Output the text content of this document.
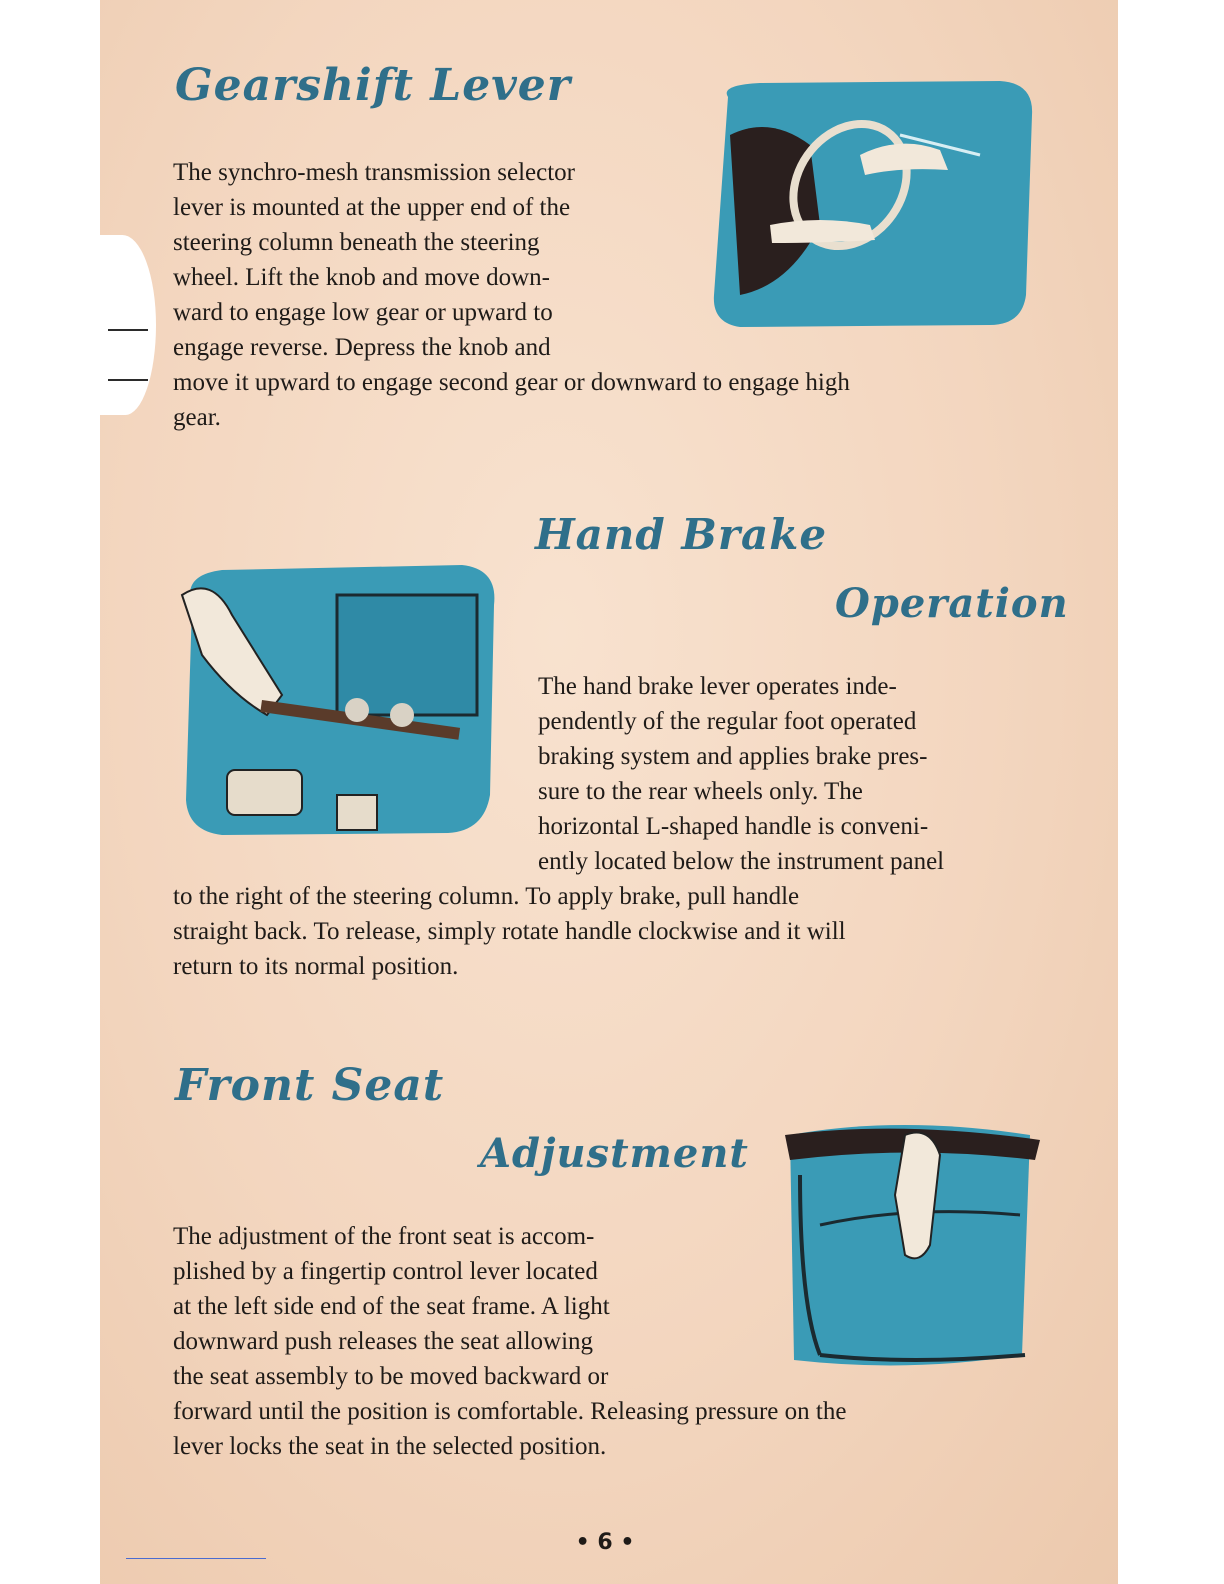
Gearshift Lever
The synchro-mesh transmission selector
lever is mounted at the upper end of the
steering column beneath the steering
wheel. Lift the knob and move down-
ward to engage low gear or upward to
engage reverse. Depress the knob and
move it upward to engage second gear or downward to engage high
gear.
Hand Brake
Operation
The hand brake lever operates inde-
pendently of the regular foot operated
braking system and applies brake pres-
sure to the rear wheels only. The
horizontal L-shaped handle is conveni-
ently located below the instrument panel
to the right of the steering column. To apply brake, pull handle
straight back. To release, simply rotate handle clockwise and it will
return to its normal position.
Front Seat
Adjustment
The adjustment of the front seat is accom-
plished by a fingertip control lever located
at the left side end of the seat frame. A light
downward push releases the seat allowing
the seat assembly to be moved backward or
forward until the position is comfortable. Releasing pressure on the
lever locks the seat in the selected position.
• 6 •
